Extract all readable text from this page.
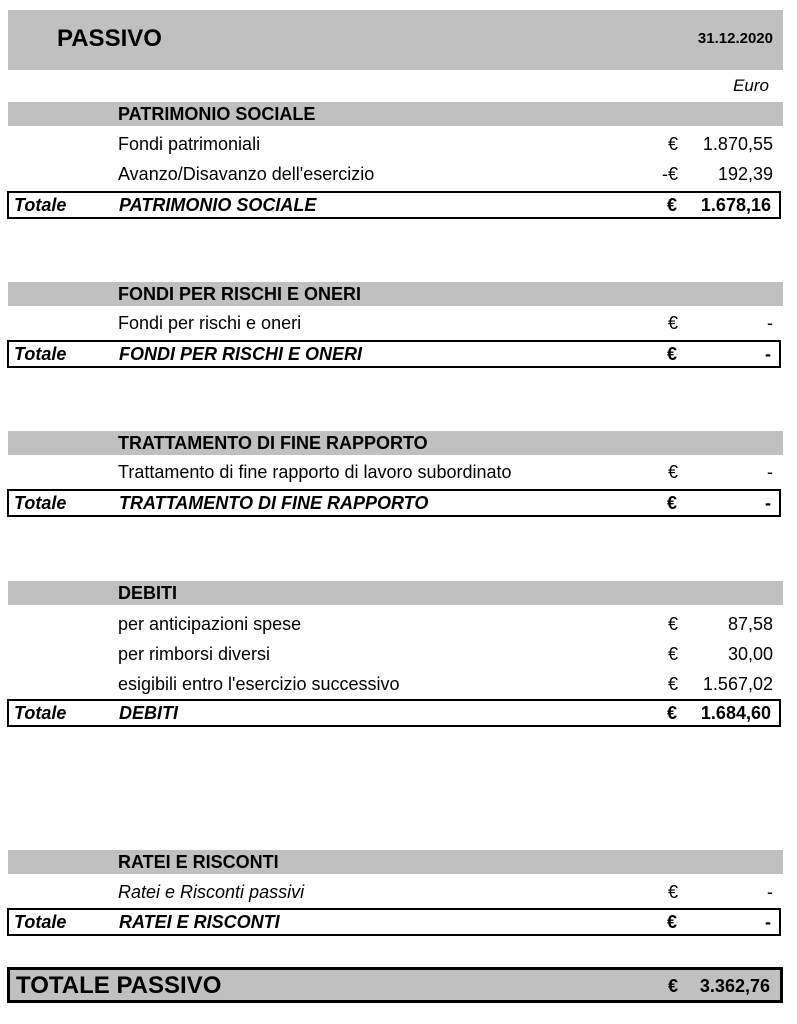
PASSIVO	31.12.2020
Euro
PATRIMONIO SOCIALE
Fondi patrimoniali	€ 1.870,55
Avanzo/Disavanzo dell'esercizio	-€ 192,39
Totale	PATRIMONIO SOCIALE	€ 1.678,16
FONDI PER RISCHI E ONERI
Fondi per rischi e oneri	€	-
Totale	FONDI PER RISCHI E ONERI	€	-
TRATTAMENTO DI FINE RAPPORTO
Trattamento di fine rapporto di lavoro subordinato	€	-
Totale	TRATTAMENTO DI FINE RAPPORTO	€	-
DEBITI
per anticipazioni spese	€	87,58
per rimborsi diversi	€	30,00
esigibili entro l'esercizio successivo	€ 1.567,02
Totale	DEBITI	€ 1.684,60
RATEI E RISCONTI
Ratei e Risconti passivi	€	-
Totale	RATEI E RISCONTI	€	-
TOTALE PASSIVO	€ 3.362,76
